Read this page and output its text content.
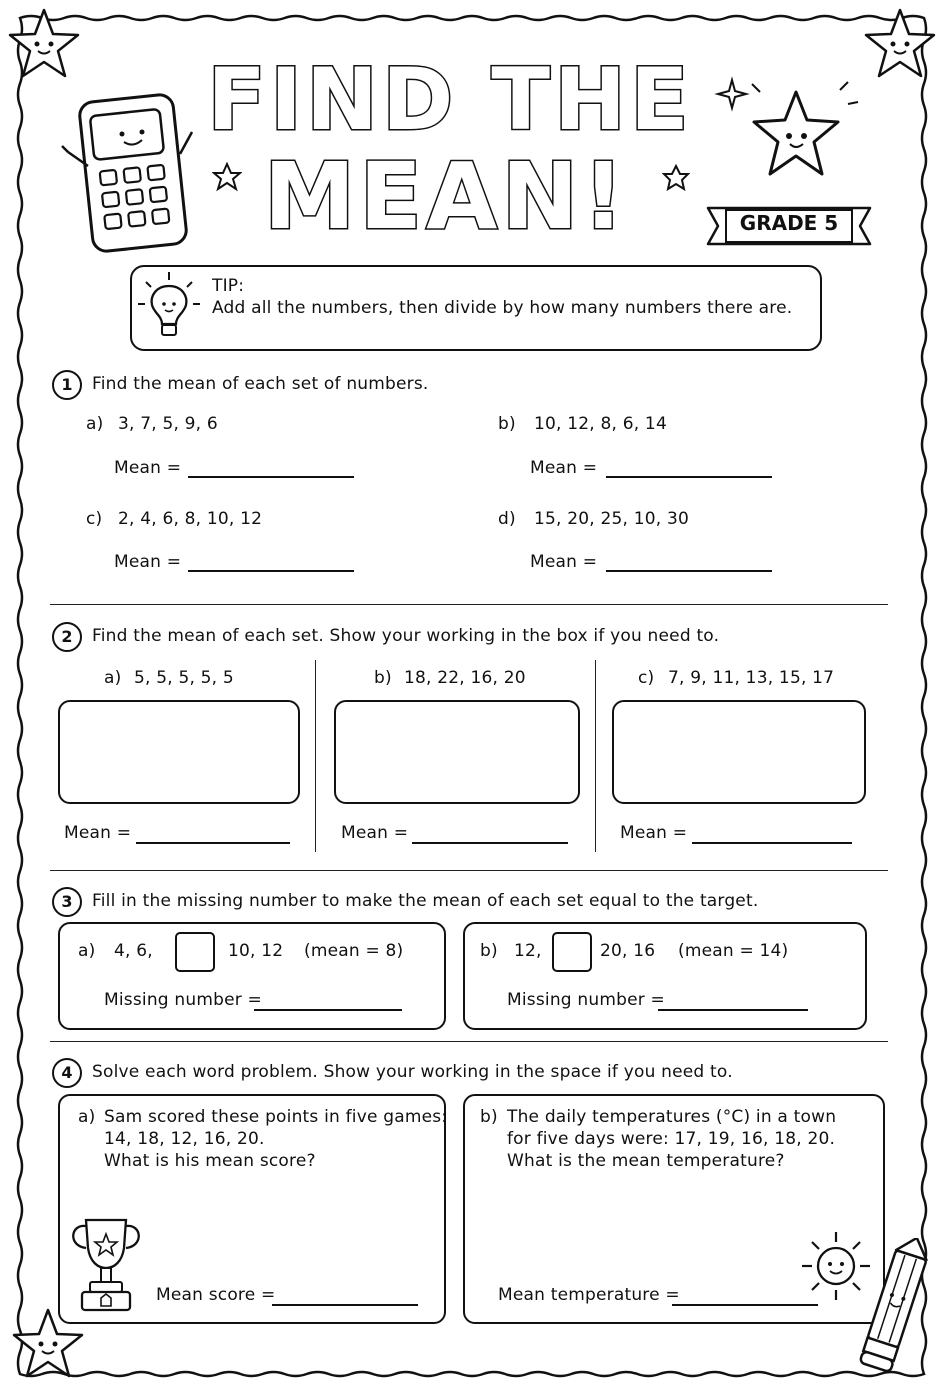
FIND THE
MEAN!	GRADE 5
TIP:
Add all the numbers, then divide by how many numbers there are.
1	Find the mean of each set of numbers.
a) 3, 7, 5, 9, 6
Mean =
b) 10, 12, 8, 6, 14
Mean =
c) 2, 4, 6, 8, 10, 12
Mean =
d) 15, 20, 25, 10, 30
Mean =
2	Find the mean of each set. Show your working in the box if you need to.
a) 5, 5, 5, 5, 5
Mean =
b) 18, 22, 16, 20
Mean =
c) 7, 9, 11, 13, 15, 17
Mean =
3	Fill in the missing number to make the mean of each set equal to the target.
a) 4, 6,	10, 12 (mean = 8)
Missing number =
b) 12,	20, 16 (mean = 14)
Missing number =
4	Solve each word problem. Show your working in the space if you need to.
a) Sam scored these points in five games:
14, 18, 12, 16, 20.
What is his mean score?
Mean score =
b) The daily temperatures (°C) in a town
for five days were: 17, 19, 16, 18, 20.
What is the mean temperature?
Mean temperature =
